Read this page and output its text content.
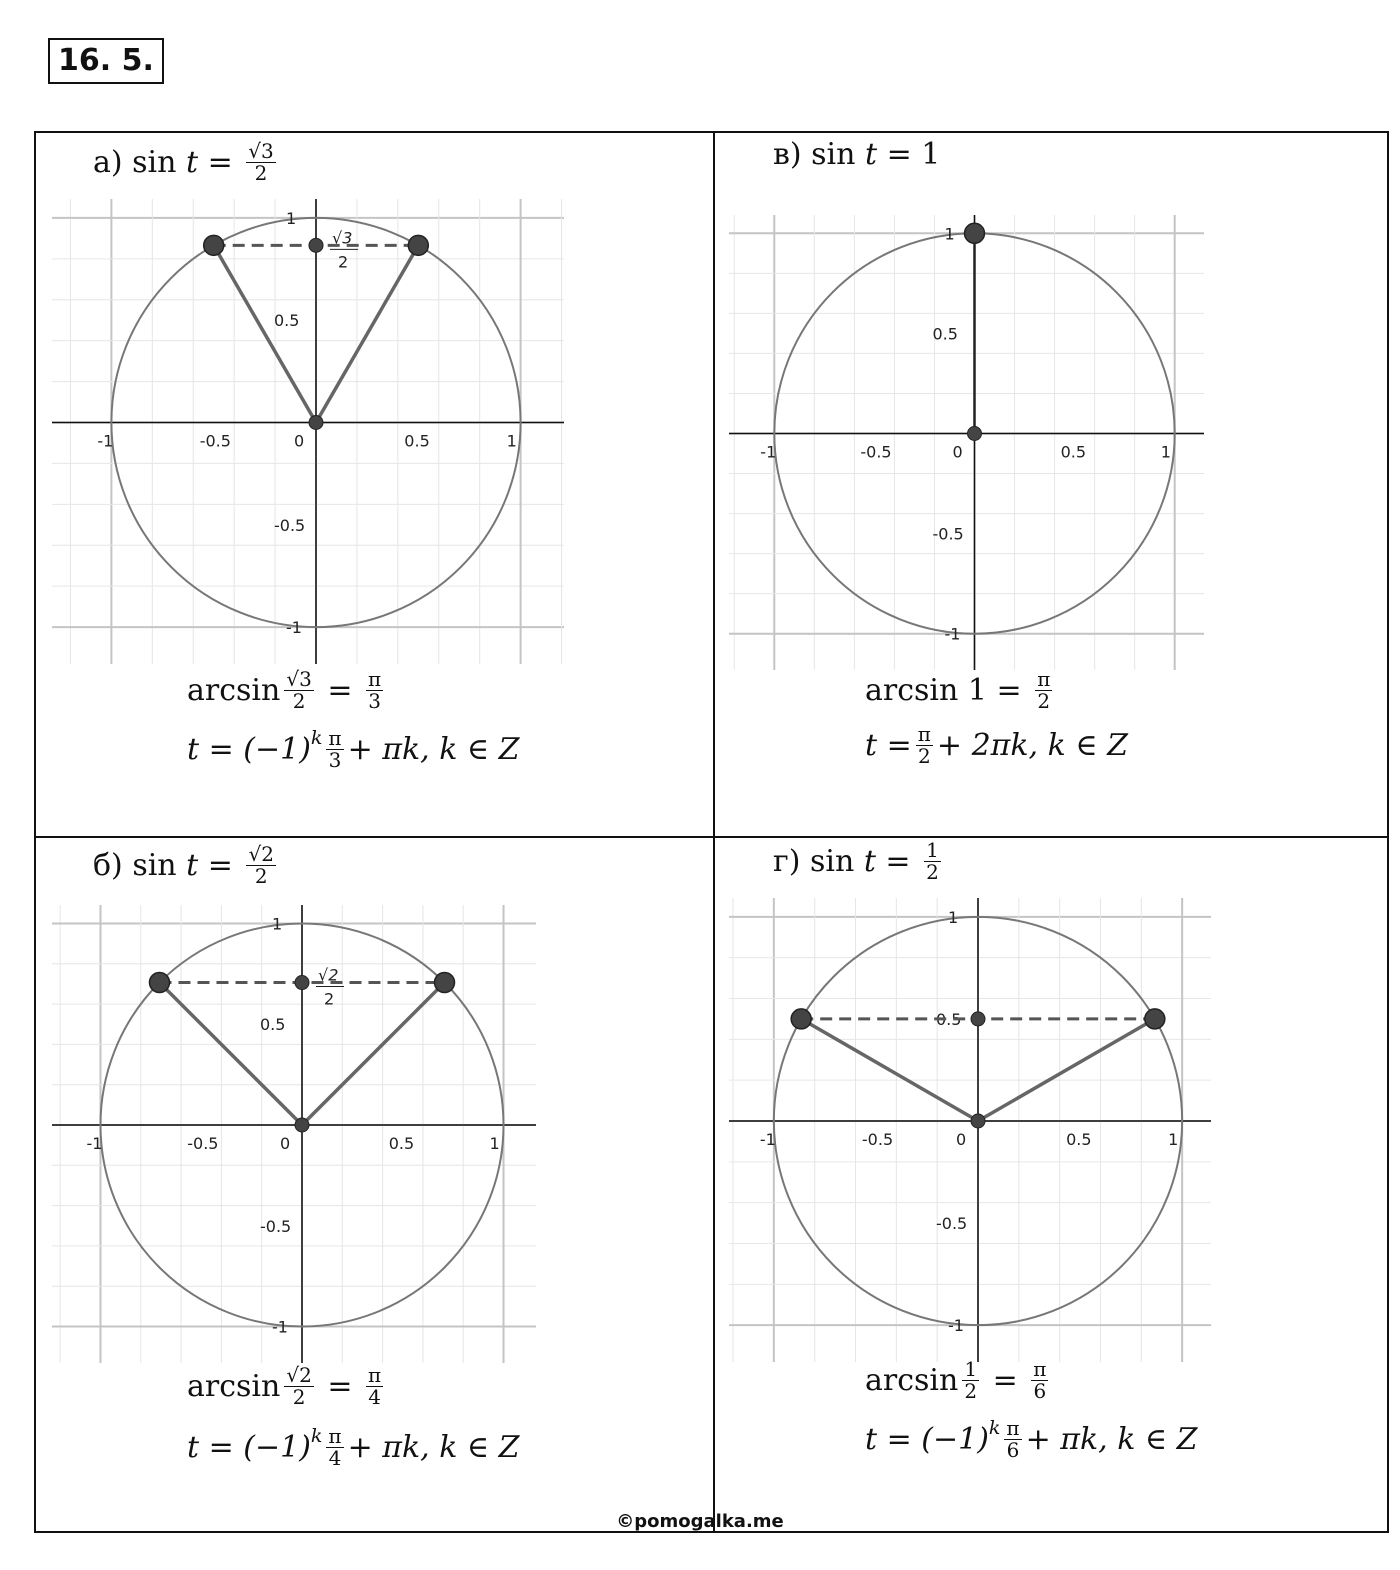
16. 5.
а)
sin
$t = \frac{√3}{2}$
-1	-0.5	0	0.5	1
0.5
-0.5
-1
1
√3
2
$\arcsin \frac{√3}{2} = \frac{\pi}{3}$
t = (−1) k $\frac{\pi}{3} + \pi k$, k ∈ Z
в)
sin
t
= 1
-1	-0.5	0	0.5	1
0.5
-0.5
-1
1
arcsin 1 =
$\frac{\pi}{2}$
$t = \frac{\pi}{2} + 2\pi k$, k ∈ Z
б)
sin
$t = \frac{√2}{2}$
-1	-0.5	0	0.5	1
0.5
-0.5
-1
1
√2
2
$\arcsin \frac{√2}{2} = \frac{\pi}{4}$
t = (−1) k $\frac{\pi}{4} + \pi k$, k ∈ Z
г)
sin
$t = \frac{1}{2}$
-1	-0.5	0	0.5	1
0.5
-0.5
-1
1
$\arcsin \frac{1}{2} = \frac{\pi}{6}$
t = (−1) k $\frac{\pi}{6} + \pi k$, k ∈ Z
©pomogalka.me
